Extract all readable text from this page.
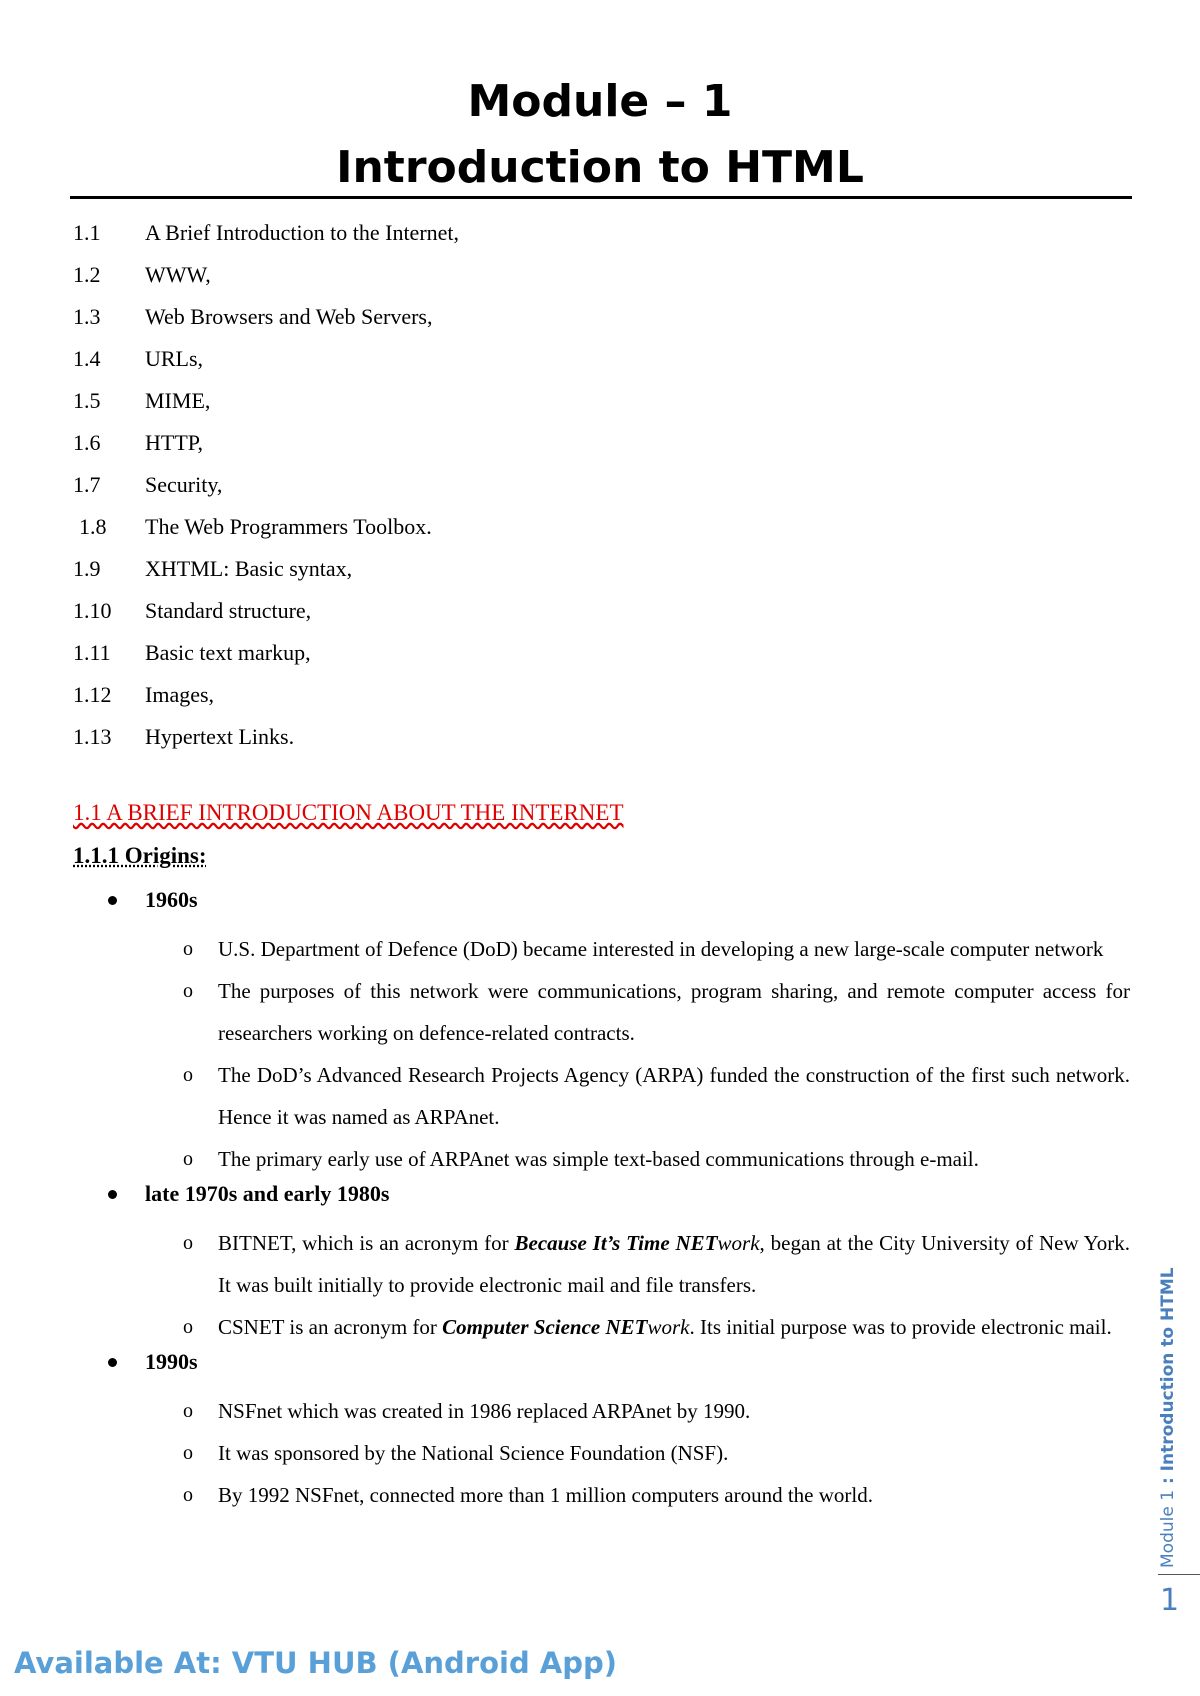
Module – 1
Introduction to HTML
1.1 A Brief Introduction to the Internet,
1.2 WWW,
1.3 Web Browsers and Web Servers,
1.4 URLs,
1.5 MIME,
1.6 HTTP,
1.7 Security,
1.8 The Web Programmers Toolbox.
1.9 XHTML: Basic syntax,
1.10 Standard structure,
1.11 Basic text markup,
1.12 Images,
1.13 Hypertext Links.
1.1 A BRIEF INTRODUCTION ABOUT THE INTERNET
1.1.1 Origins:
1960s
o U.S. Department of Defence (DoD) became interested in developing a new large-scale computer network
o The purposes of this network were communications, program sharing, and remote computer access for researchers working on defence-related contracts.
o The DoD’s Advanced Research Projects Agency (ARPA) funded the construction of the first such network. Hence it was named as ARPAnet.
o The primary early use of ARPAnet was simple text-based communications through e-mail.
late 1970s and early 1980s
o BITNET, which is an acronym for Because It’s Time NETwork, began at the City University of New York. It was built initially to provide electronic mail and file transfers.
o CSNET is an acronym for Computer Science NETwork. Its initial purpose was to provide electronic mail.
1990s
o NSFnet which was created in 1986 replaced ARPAnet by 1990.
o It was sponsored by the National Science Foundation (NSF).
o By 1992 NSFnet, connected more than 1 million computers around the world.	Module 1 : Introduction to HTML
1
Available At: VTU HUB (Android App)
